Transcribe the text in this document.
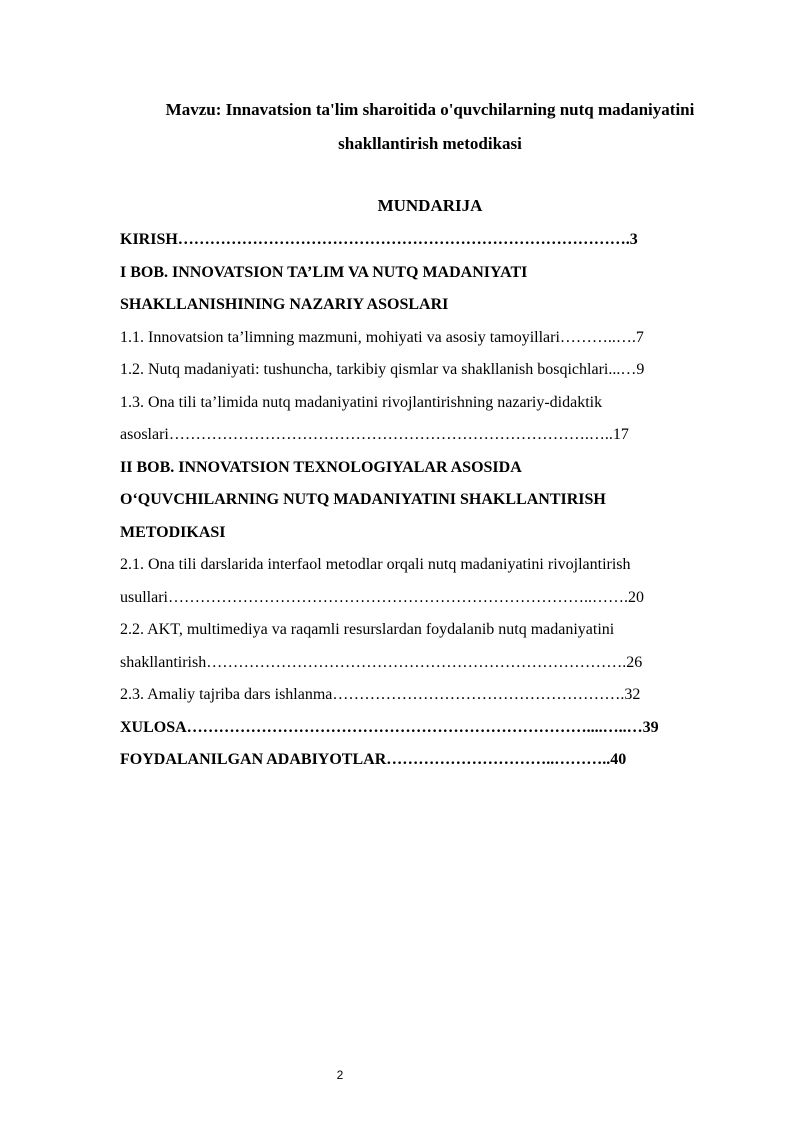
Mavzu: Innavatsion ta'lim sharoitida o'quvchilarning nutq madaniyatini
shakllantirish metodikasi
MUNDARIJA
KIRISH………………………………………………………………………….3
I BOB. INNOVATSION TA’LIM VA NUTQ MADANIYATI
SHAKLLANISHINING NAZARIY ASOSLARI
1.1. Innovatsion ta’limning mazmuni, mohiyati va asosiy tamoyillari………..….7
1.2. Nutq madaniyati: tushuncha, tarkibiy qismlar va shakllanish bosqichlari...…9
1.3. Ona tili ta’limida nutq madaniyatini rivojlantirishning nazariy-didaktik
asoslari…………………………………………………………………….…..17
II BOB. INNOVATSION TEXNOLOGIYALAR ASOSIDA
O‘QUVCHILARNING NUTQ MADANIYATINI SHAKLLANTIRISH
METODIKASI
2.1. Ona tili darslarida interfaol metodlar orqali nutq madaniyatini rivojlantirish
usullari……………………………………………………………………..…….20
2.2. AKT, multimediya va raqamli resurslardan foydalanib nutq madaniyatini
shakllantirish…………………………………………………………………….26
2.3. Amaliy tajriba dars ishlanma……………………………………………….32
XULOSA…………………………………………………………………....…..…39
FOYDALANILGAN ADABIYOTLAR…………………………..………..40
2
